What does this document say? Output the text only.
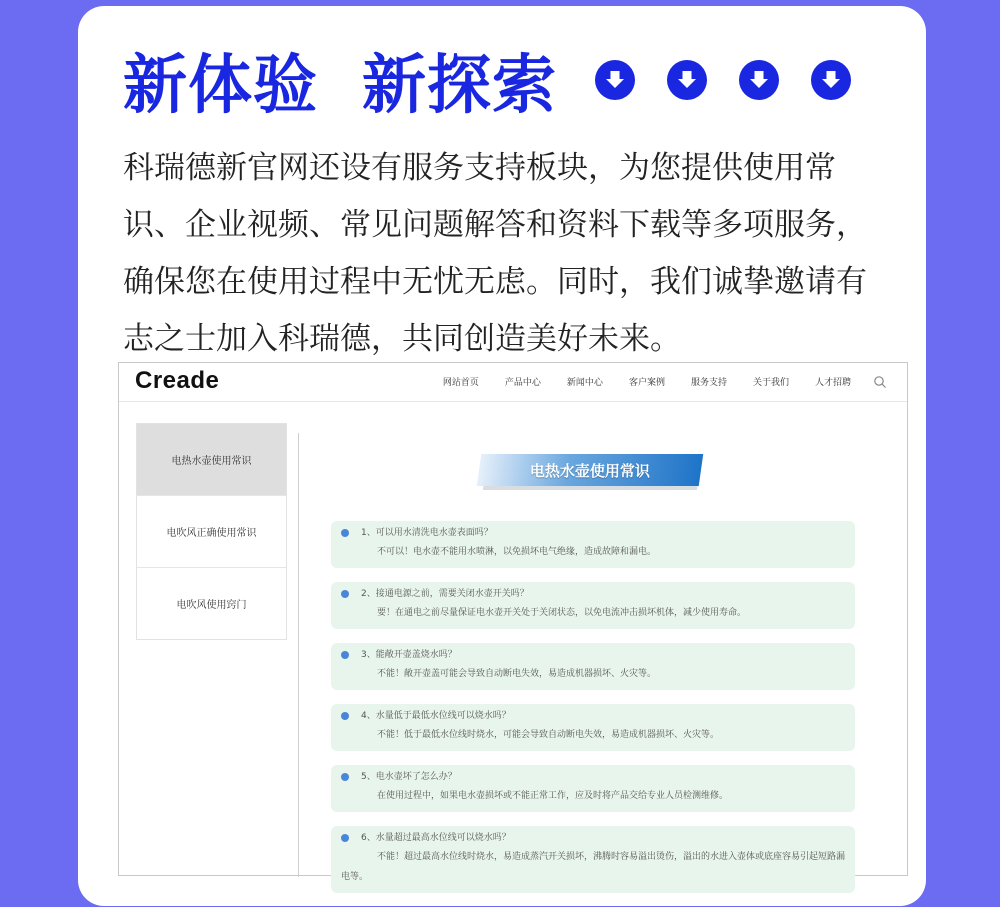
新体验 新探索
科瑞德新官网还设有服务支持板块，为您提供使用常识、企业视频、常见问题解答和资料下载等多项服务，确保您在使用过程中无忧无虑。同时，我们诚挚邀请有志之士加入科瑞德，共同创造美好未来。
Creade	网站首页	产品中心	新闻中心	客户案例	服务支持	关于我们	人才招聘
电热水壶使用常识
电吹风正确使用常识
电吹风使用窍门
电热水壶使用常识
1、可以用水清洗电水壶表面吗？
不可以！电水壶不能用水喷淋，以免损坏电气绝缘，造成故障和漏电。
2、接通电源之前，需要关闭水壶开关吗？
要！在通电之前尽量保证电水壶开关处于关闭状态，以免电流冲击损坏机体，减少使用寿命。
3、能敞开壶盖烧水吗？
不能！敞开壶盖可能会导致自动断电失效，易造成机器损坏、火灾等。
4、水量低于最低水位线可以烧水吗？
不能！低于最低水位线时烧水，可能会导致自动断电失效，易造成机器损坏、火灾等。
5、电水壶坏了怎么办？
在使用过程中，如果电水壶损坏或不能正常工作，应及时将产品交给专业人员检测维修。
6、水量超过最高水位线可以烧水吗？
不能！超过最高水位线时烧水，易造成蒸汽开关损坏，沸腾时容易溢出烫伤，溢出的水进入壶体或底座容易引起短路漏电等。
